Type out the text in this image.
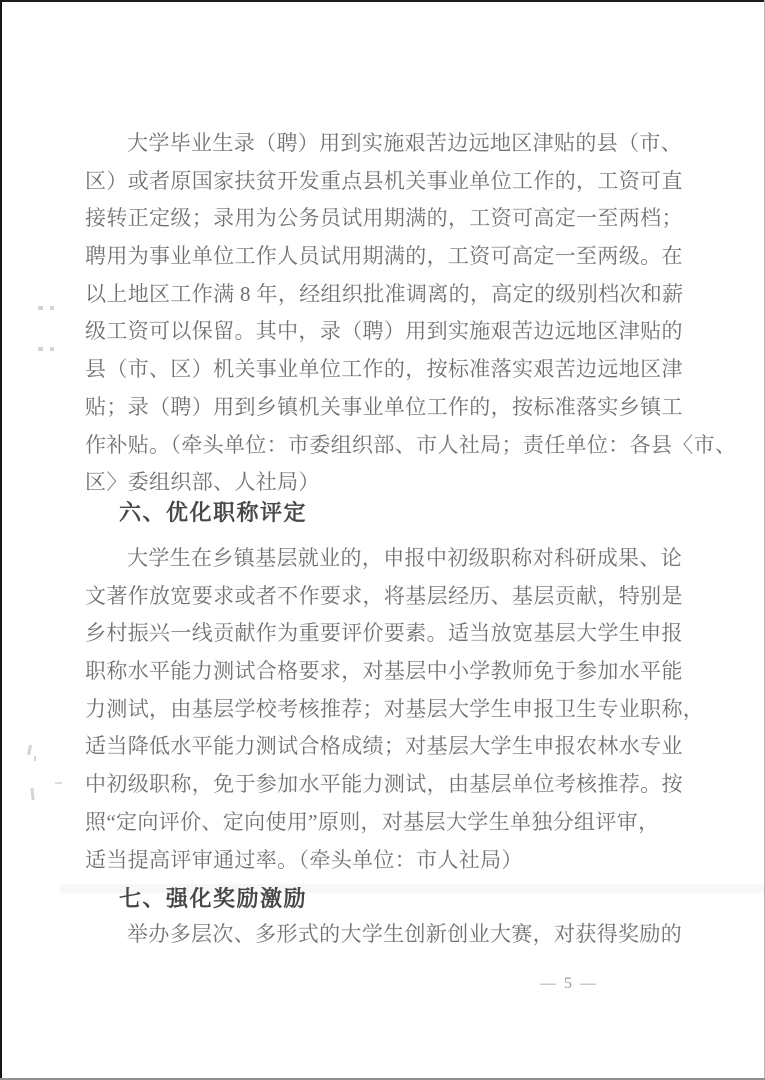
大学毕业生录（聘）用到实施艰苦边远地区津贴的县（市、
区）或者原国家扶贫开发重点县机关事业单位工作的，工资可直
接转正定级；录用为公务员试用期满的，工资可高定一至两档；
聘用为事业单位工作人员试用期满的，工资可高定一至两级。在
以上地区工作满 8 年，经组织批准调离的，高定的级别档次和薪
级工资可以保留。其中，录（聘）用到实施艰苦边远地区津贴的
县（市、区）机关事业单位工作的，按标准落实艰苦边远地区津
贴；录（聘）用到乡镇机关事业单位工作的，按标准落实乡镇工
作补贴。（牵头单位：市委组织部、市人社局；责任单位：各县〈市、
区〉委组织部、人社局）
六、优化职称评定
大学生在乡镇基层就业的，申报中初级职称对科研成果、论
文著作放宽要求或者不作要求，将基层经历、基层贡献，特别是
乡村振兴一线贡献作为重要评价要素。适当放宽基层大学生申报
职称水平能力测试合格要求，对基层中小学教师免于参加水平能
力测试，由基层学校考核推荐；对基层大学生申报卫生专业职称，
适当降低水平能力测试合格成绩；对基层大学生申报农林水专业
中初级职称，免于参加水平能力测试，由基层单位考核推荐。按
照“定向评价、定向使用”原则，对基层大学生单独分组评审，
适当提高评审通过率。（牵头单位：市人社局）
七、强化奖励激励
举办多层次、多形式的大学生创新创业大赛，对获得奖励的
— 5 —
